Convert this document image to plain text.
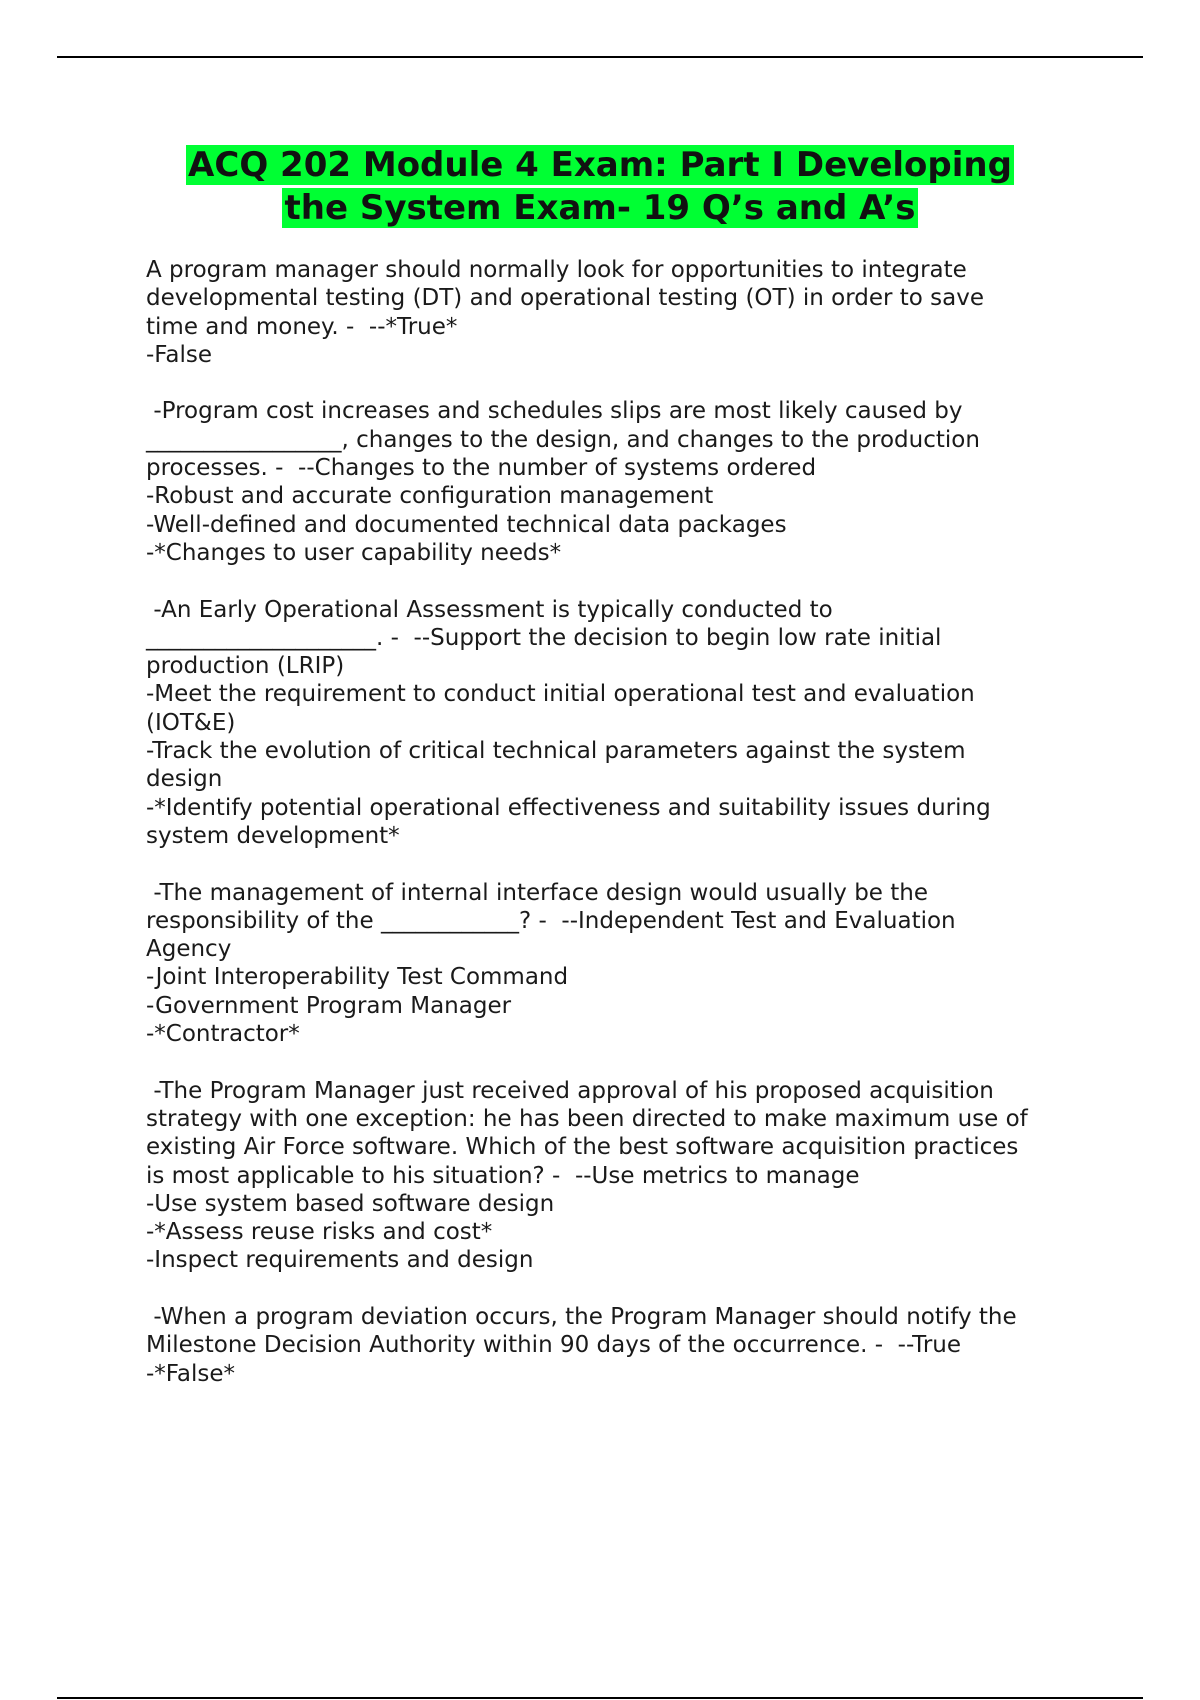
ACQ 202 Module 4 Exam: Part I Developing
the System Exam- 19 Q’s and A’s
A program manager should normally look for opportunities to integrate
developmental testing (DT) and operational testing (OT) in order to save
time and money. -  --*True*
-False
-Program cost increases and schedules slips are most likely caused by
_________________, changes to the design, and changes to the production
processes. -  --Changes to the number of systems ordered
-Robust and accurate configuration management
-Well-defined and documented technical data packages
-*Changes to user capability needs*
-An Early Operational Assessment is typically conducted to
____________________. -  --Support the decision to begin low rate initial
production (LRIP)
-Meet the requirement to conduct initial operational test and evaluation
(IOT&E)
-Track the evolution of critical technical parameters against the system
design
-*Identify potential operational effectiveness and suitability issues during
system development*
-The management of internal interface design would usually be the
responsibility of the ____________? -  --Independent Test and Evaluation
Agency
-Joint Interoperability Test Command
-Government Program Manager
-*Contractor*
-The Program Manager just received approval of his proposed acquisition
strategy with one exception: he has been directed to make maximum use of
existing Air Force software. Which of the best software acquisition practices
is most applicable to his situation? -  --Use metrics to manage
-Use system based software design
-*Assess reuse risks and cost*
-Inspect requirements and design
-When a program deviation occurs, the Program Manager should notify the
Milestone Decision Authority within 90 days of the occurrence. -  --True
-*False*
